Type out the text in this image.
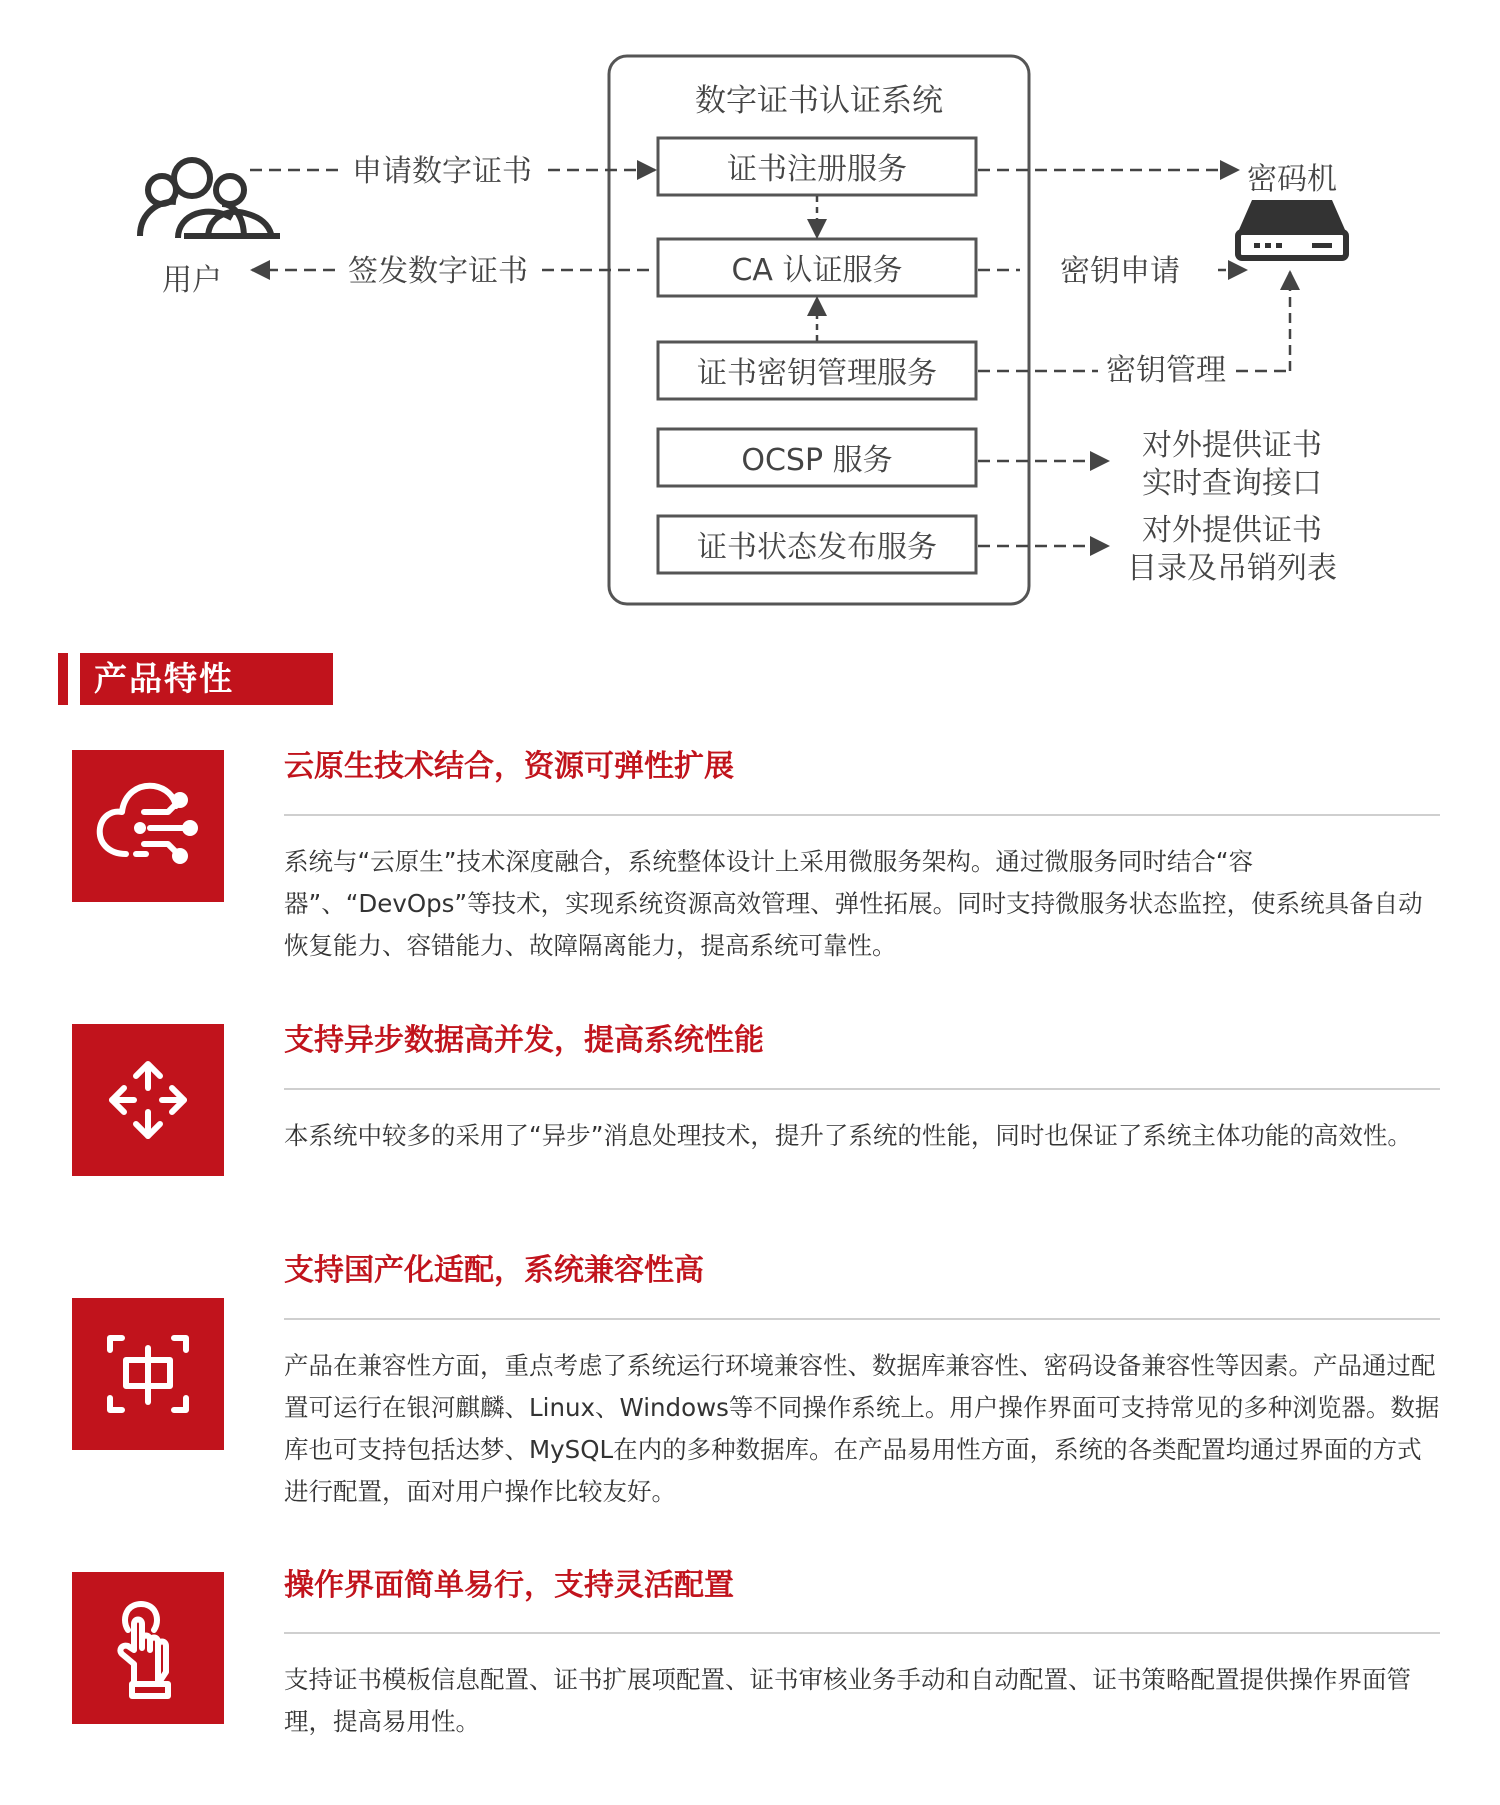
数字证书认证系统
证书注册服务
CA 认证服务
证书密钥管理服务
OCSP 服务
证书状态发布服务
用户
申请数字证书
签发数字证书
密码机
密钥申请
密钥管理
对外提供证书
实时查询接口
对外提供证书
目录及吊销列表
产品特性
云原生技术结合，资源可弹性扩展
系统与“云原生”技术深度融合，系统整体设计上采用微服务架构。通过微服务同时结合“容器”、“DevOps”等技术，实现系统资源高效管理、弹性拓展。同时支持微服务状态监控，使系统具备自动恢复能力、容错能力、故障隔离能力，提高系统可靠性。
支持异步数据高并发，提高系统性能
本系统中较多的采用了“异步”消息处理技术，提升了系统的性能，同时也保证了系统主体功能的高效性。
支持国产化适配，系统兼容性高
产品在兼容性方面，重点考虑了系统运行环境兼容性、数据库兼容性、密码设备兼容性等因素。产品通过配置可运行在银河麒麟、Linux、Windows等不同操作系统上。用户操作界面可支持常见的多种浏览器。数据库也可支持包括达梦、MySQL在内的多种数据库。在产品易用性方面，系统的各类配置均通过界面的方式进行配置，面对用户操作比较友好。
操作界面简单易行，支持灵活配置
支持证书模板信息配置、证书扩展项配置、证书审核业务手动和自动配置、证书策略配置提供操作界面管理，提高易用性。
